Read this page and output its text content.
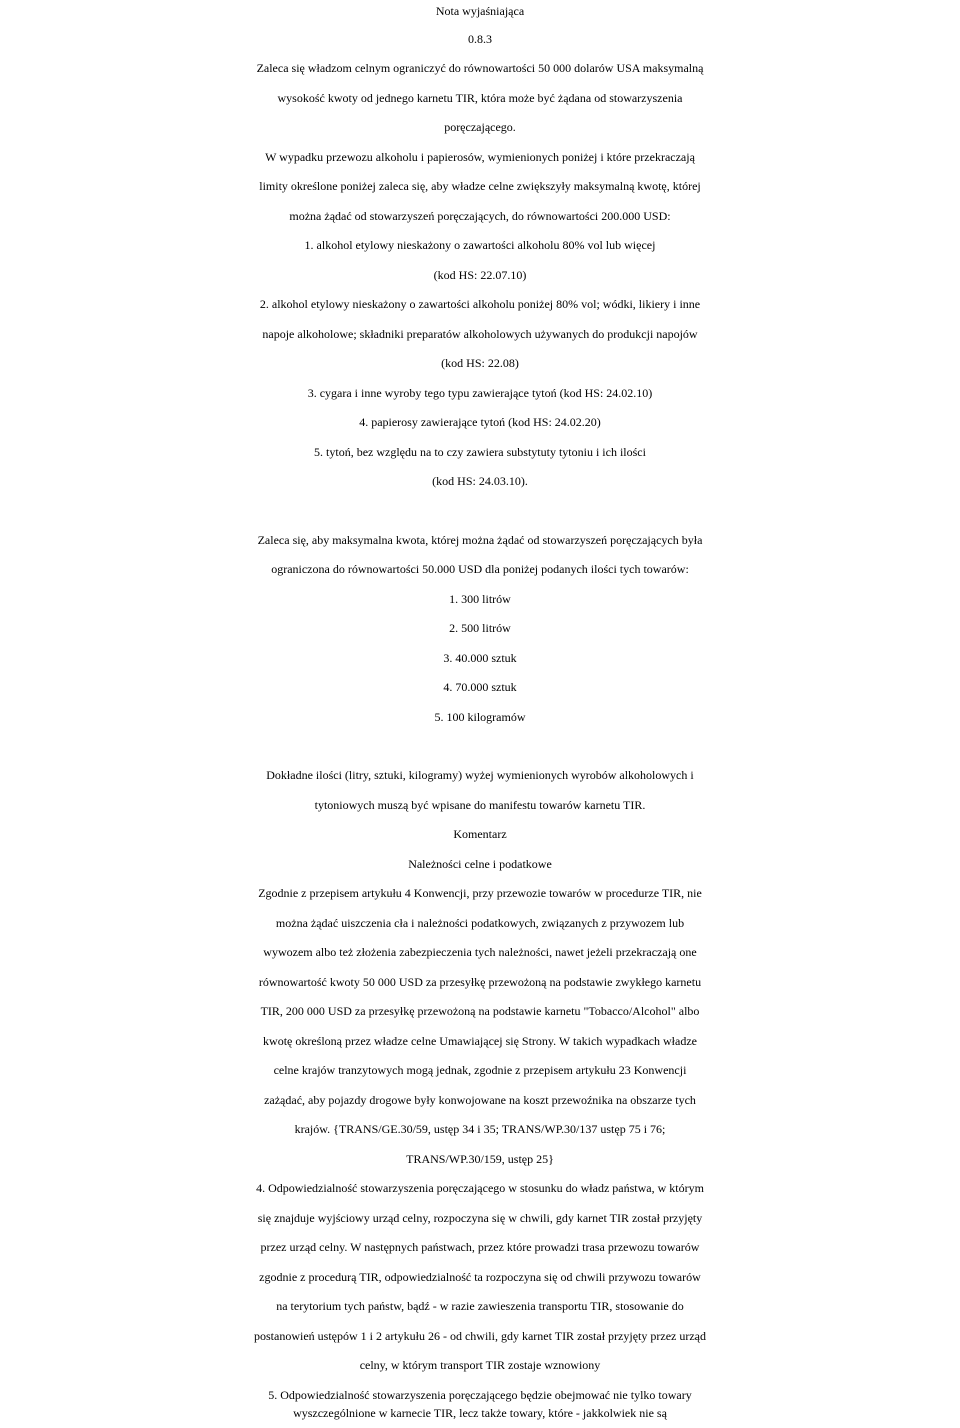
Nota wyjaśniająca
0.8.3
Zaleca się władzom celnym ograniczyć do równowartości 50 000 dolarów USA maksymalną
wysokość kwoty od jednego karnetu TIR, która może być żądana od stowarzyszenia
poręczającego.
W wypadku przewozu alkoholu i papierosów, wymienionych poniżej i które przekraczają
limity określone poniżej zaleca się, aby władze celne zwiększyły maksymalną kwotę, której
można żądać od stowarzyszeń poręczających, do równowartości 200.000 USD:
1. alkohol etylowy nieskażony o zawartości alkoholu 80% vol lub więcej
(kod HS: 22.07.10)
2. alkohol etylowy nieskażony o zawartości alkoholu poniżej 80% vol; wódki, likiery i inne
napoje alkoholowe; składniki preparatów alkoholowych używanych do produkcji napojów
(kod HS: 22.08)
3. cygara i inne wyroby tego typu zawierające tytoń (kod HS: 24.02.10)
4. papierosy zawierające tytoń (kod HS: 24.02.20)
5. tytoń, bez względu na to czy zawiera substytuty tytoniu i ich ilości
(kod HS: 24.03.10).
Zaleca się, aby maksymalna kwota, której można żądać od stowarzyszeń poręczających była
ograniczona do równowartości 50.000 USD dla poniżej podanych ilości tych towarów:
1. 300 litrów
2. 500 litrów
3. 40.000 sztuk
4. 70.000 sztuk
5. 100 kilogramów
Dokładne ilości (litry, sztuki, kilogramy) wyżej wymienionych wyrobów alkoholowych i
tytoniowych muszą być wpisane do manifestu towarów karnetu TIR.
Komentarz
Należności celne i podatkowe
Zgodnie z przepisem artykułu 4 Konwencji, przy przewozie towarów w procedurze TIR, nie
można żądać uiszczenia cła i należności podatkowych, związanych z przywozem lub
wywozem albo też złożenia zabezpieczenia tych należności, nawet jeżeli przekraczają one
równowartość kwoty 50 000 USD za przesyłkę przewożoną na podstawie zwykłego karnetu
TIR, 200 000 USD za przesyłkę przewożoną na podstawie karnetu "Tobacco/Alcohol" albo
kwotę określoną przez władze celne Umawiającej się Strony. W takich wypadkach władze
celne krajów tranzytowych mogą jednak, zgodnie z przepisem artykułu 23 Konwencji
zażądać, aby pojazdy drogowe były konwojowane na koszt przewoźnika na obszarze tych
krajów. {TRANS/GE.30/59, ustęp 34 i 35; TRANS/WP.30/137 ustęp 75 i 76;
TRANS/WP.30/159, ustęp 25}
4. Odpowiedzialność stowarzyszenia poręczającego w stosunku do władz państwa, w którym
się znajduje wyjściowy urząd celny, rozpoczyna się w chwili, gdy karnet TIR został przyjęty
przez urząd celny. W następnych państwach, przez które prowadzi trasa przewozu towarów
zgodnie z procedurą TIR, odpowiedzialność ta rozpoczyna się od chwili przywozu towarów
na terytorium tych państw, bądź - w razie zawieszenia transportu TIR, stosowanie do
postanowień ustępów 1 i 2 artykułu 26 - od chwili, gdy karnet TIR został przyjęty przez urząd
celny, w którym transport TIR zostaje wznowiony
5. Odpowiedzialność stowarzyszenia poręczającego będzie obejmować nie tylko towary
wyszczególnione w karnecie TIR, lecz także towary, które - jakkolwiek nie są
